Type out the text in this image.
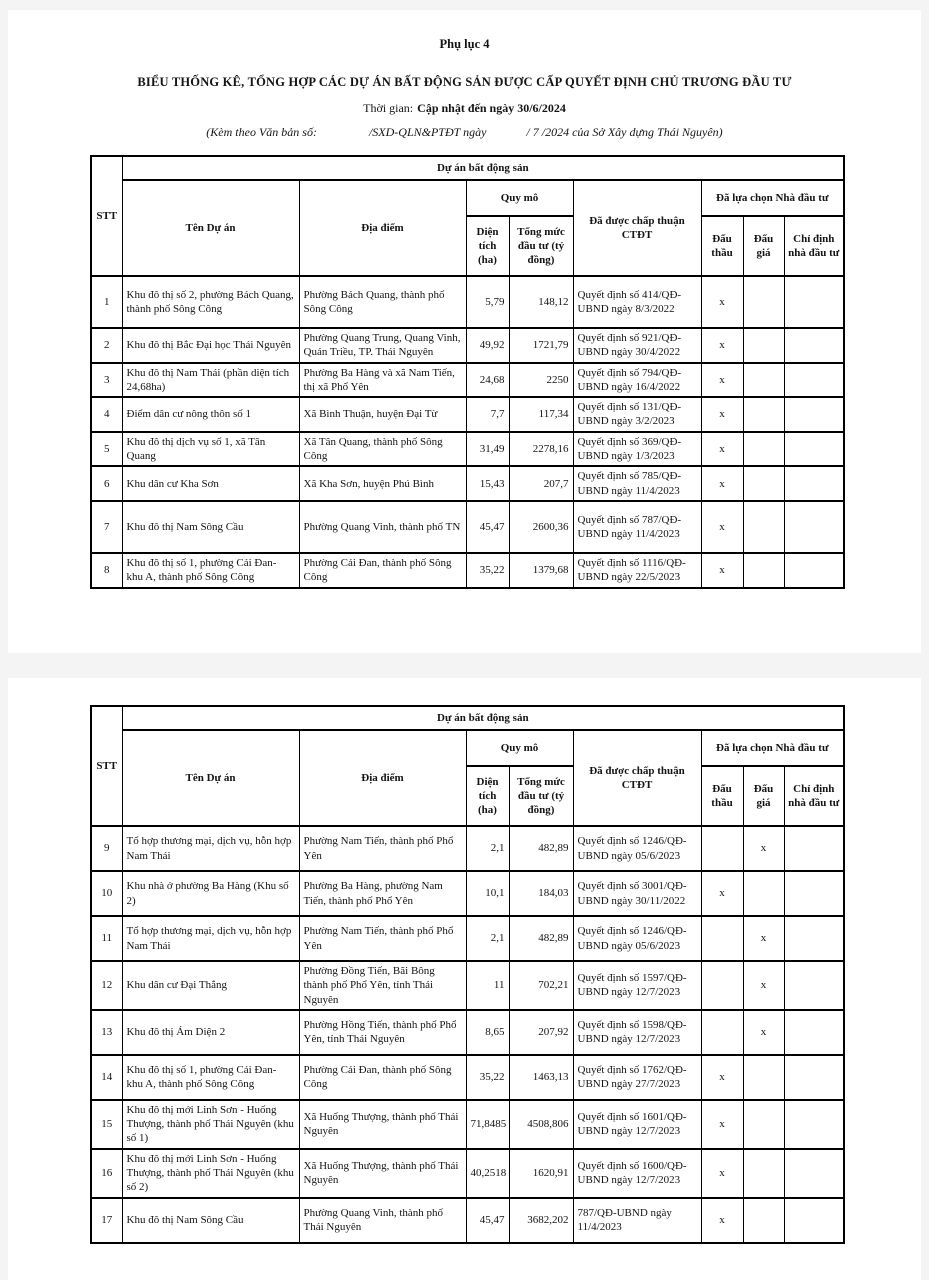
Phụ lục 4
BIỂU THỐNG KÊ, TỔNG HỢP CÁC DỰ ÁN BẤT ĐỘNG SẢN ĐƯỢC CẤP QUYẾT ĐỊNH CHỦ TRƯƠNG ĐẦU TƯ
Thời gian: Cập nhật đến ngày 30/6/2024
(Kèm theo Văn bản số:	/SXD-QLN&PTĐT ngày	/ 7 /2024 của Sở Xây dựng Thái Nguyên)
STT	Dự án bất động sản							
	Tên Dự án	Địa điểm	Quy mô		Đã được chấp thuận CTĐT	Đã lựa chọn Nhà đầu tư		
			Diện tích (ha)	Tổng mức đầu tư (tỷ đồng)		Đấu thầu	Đấu giá	Chỉ định nhà đầu tư
1	Khu đô thị số 2, phường Bách Quang, thành phố Sông Công	Phường Bách Quang, thành phố Sông Công	5,79	148,12	Quyết định số 414/QĐ-UBND ngày 8/3/2022	x		
2	Khu đô thị Bắc Đại học Thái Nguyên	Phường Quang Trung, Quang Vinh, Quán Triều, TP. Thái Nguyên	49,92	1721,79	Quyết định số 921/QĐ-UBND ngày 30/4/2022	x		
3	Khu đô thị Nam Thái (phần diện tích 24,68ha)	Phường Ba Hàng và xã Nam Tiến, thị xã Phổ Yên	24,68	2250	Quyết định số 794/QĐ-UBND ngày 16/4/2022	x		
4	Điểm dân cư nông thôn số 1	Xã Bình Thuận, huyện Đại Từ	7,7	117,34	Quyết định số 131/QĐ-UBND ngày 3/2/2023	x		
5	Khu đô thị dịch vụ số 1, xã Tân Quang	Xã Tân Quang, thành phố Sông Công	31,49	2278,16	Quyết định số 369/QĐ-UBND ngày 1/3/2023	x		
6	Khu dân cư Kha Sơn	Xã Kha Sơn, huyện Phú Bình	15,43	207,7	Quyết định số 785/QĐ-UBND ngày 11/4/2023	x		
7	Khu đô thị Nam Sông Cầu	Phường Quang Vinh, thành phố TN	45,47	2600,36	Quyết định số 787/QĐ-UBND ngày 11/4/2023	x		
8	Khu đô thị số 1, phường Cải Đan- khu A, thành phố Sông Công	Phường Cải Đan, thành phố Sông Công	35,22	1379,68	Quyết định số 1116/QĐ-UBND ngày 22/5/2023	x		
STT	Dự án bất động sản							
	Tên Dự án	Địa điểm	Quy mô		Đã được chấp thuận CTĐT	Đã lựa chọn Nhà đầu tư		
			Diện tích (ha)	Tổng mức đầu tư (tỷ đồng)		Đấu thầu	Đấu giá	Chỉ định nhà đầu tư
9	Tổ hợp thương mại, dịch vụ, hỗn hợp Nam Thái	Phường Nam Tiến, thành phố Phổ Yên	2,1	482,89	Quyết định số 1246/QĐ-UBND ngày 05/6/2023		x	
10	Khu nhà ở phường Ba Hàng (Khu số 2)	Phường Ba Hàng, phường Nam Tiến, thành phố Phổ Yên	10,1	184,03	Quyết định số 3001/QĐ-UBND ngày 30/11/2022	x		
11	Tổ hợp thương mại, dịch vụ, hỗn hợp Nam Thái	Phường Nam Tiến, thành phố Phổ Yên	2,1	482,89	Quyết định số 1246/QĐ-UBND ngày 05/6/2023		x	
12	Khu dân cư Đại Thắng	Phường Đồng Tiến, Bãi Bông thành phố Phổ Yên, tỉnh Thái Nguyên	11	702,21	Quyết định số 1597/QĐ-UBND ngày 12/7/2023		x	
13	Khu đô thị Ám Diện 2	Phường Hồng Tiến, thành phố Phổ Yên, tỉnh Thái Nguyên	8,65	207,92	Quyết định số 1598/QĐ-UBND ngày 12/7/2023		x	
14	Khu đô thị số 1, phường Cải Đan- khu A, thành phố Sông Công	Phường Cải Đan, thành phố Sông Công	35,22	1463,13	Quyết định số 1762/QĐ-UBND ngày 27/7/2023	x		
15	Khu đô thị mới Linh Sơn - Huống Thượng, thành phố Thái Nguyên (khu số 1)	Xã Huống Thượng, thành phố Thái Nguyên	71,8485	4508,806	Quyết định số 1601/QĐ-UBND ngày 12/7/2023	x		
16	Khu đô thị mới Linh Sơn - Huống Thượng, thành phố Thái Nguyên (khu số 2)	Xã Huống Thượng, thành phố Thái Nguyên	40,2518	1620,91	Quyết định số 1600/QĐ-UBND ngày 12/7/2023	x		
17	Khu đô thị Nam Sông Cầu	Phường Quang Vinh, thành phố Thái Nguyên	45,47	3682,202	787/QĐ-UBND ngày 11/4/2023	x		
